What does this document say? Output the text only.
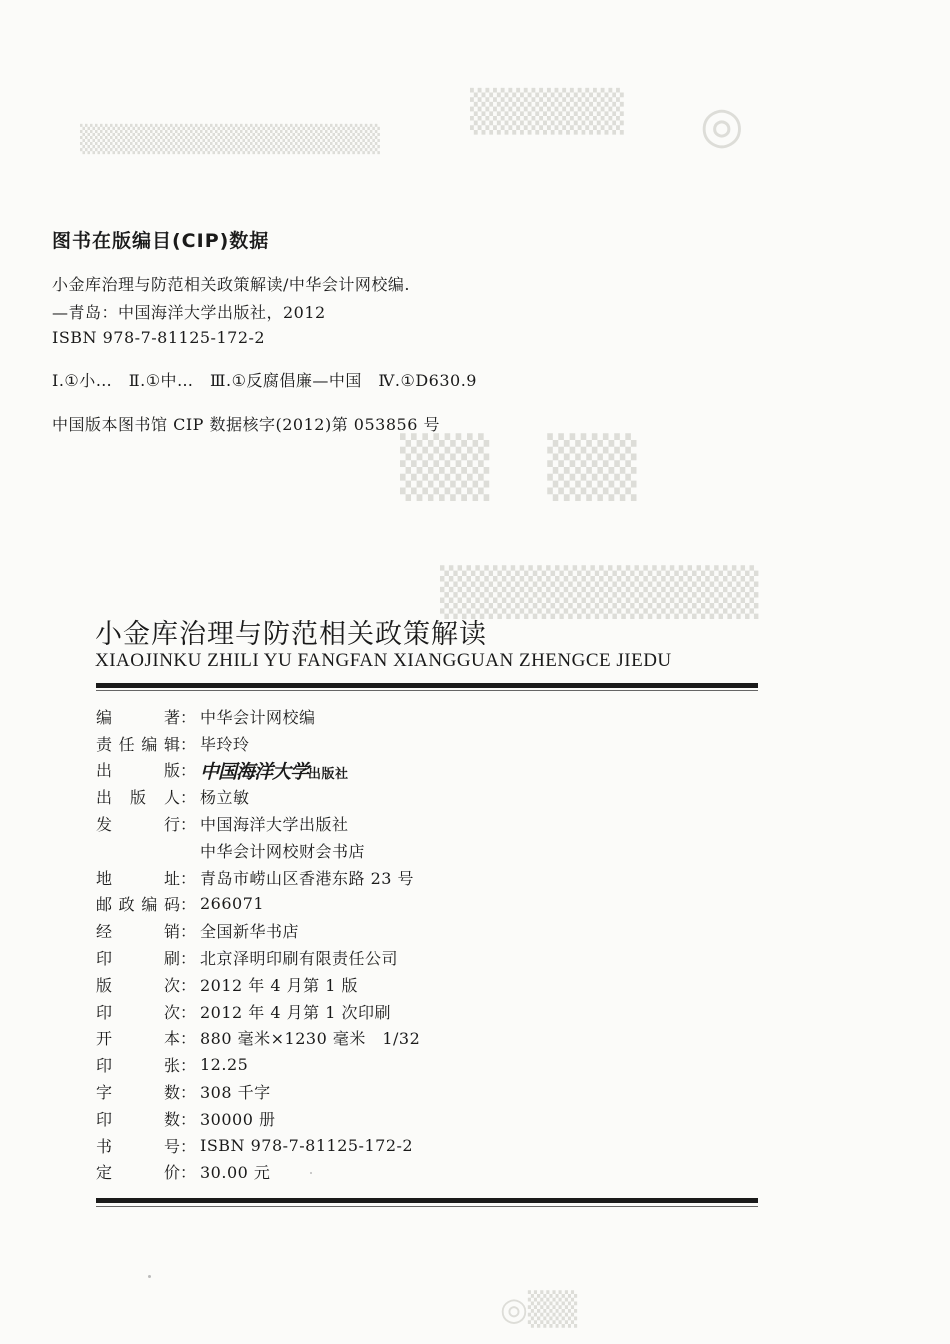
▒▒▒▒▒ ◎
▒▒▒▒▒▒▒▒▒▒▒▒▒▒▒
▒▒　▒▒
▒▒▒▒▒▒▒▒▒
图书在版编目(CIP)数据
小金库治理与防范相关政策解读/中华会计网校编.
—青岛：中国海洋大学出版社，2012
ISBN 978-7-81125-172-2
Ⅰ.①小…　Ⅱ.①中…　Ⅲ.①反腐倡廉—中国　Ⅳ.①D630.9
中国版本图书馆 CIP 数据核字(2012)第 053856 号
小金库治理与防范相关政策解读
XIAOJINKU ZHILI YU FANGFAN XIANGGUAN ZHENGCE JIEDU
编	著 ： 中华会计网校编
责 任 编 辑 ： 毕玲玲
出	版 ： 中国海洋大学出版社
出 版 人 ： 杨立敏
发	行 ： 中国海洋大学出版社
中华会计网校财会书店
地	址 ： 青岛市崂山区香港东路 23 号
邮 政 编 码 ： 266071
经	销 ： 全国新华书店
印	刷 ： 北京泽明印刷有限责任公司
版	次 ： 2012 年 4 月第 1 版
印	次 ： 2012 年 4 月第 1 次印刷
开	本 ： 880 毫米×1230 毫米　1/32
印	张 ： 12.25
字	数 ： 308 千字
印	数 ： 30000 册
书	号 ： ISBN 978-7-81125-172-2
定	价 ： 30.00 元
◎▒▒
